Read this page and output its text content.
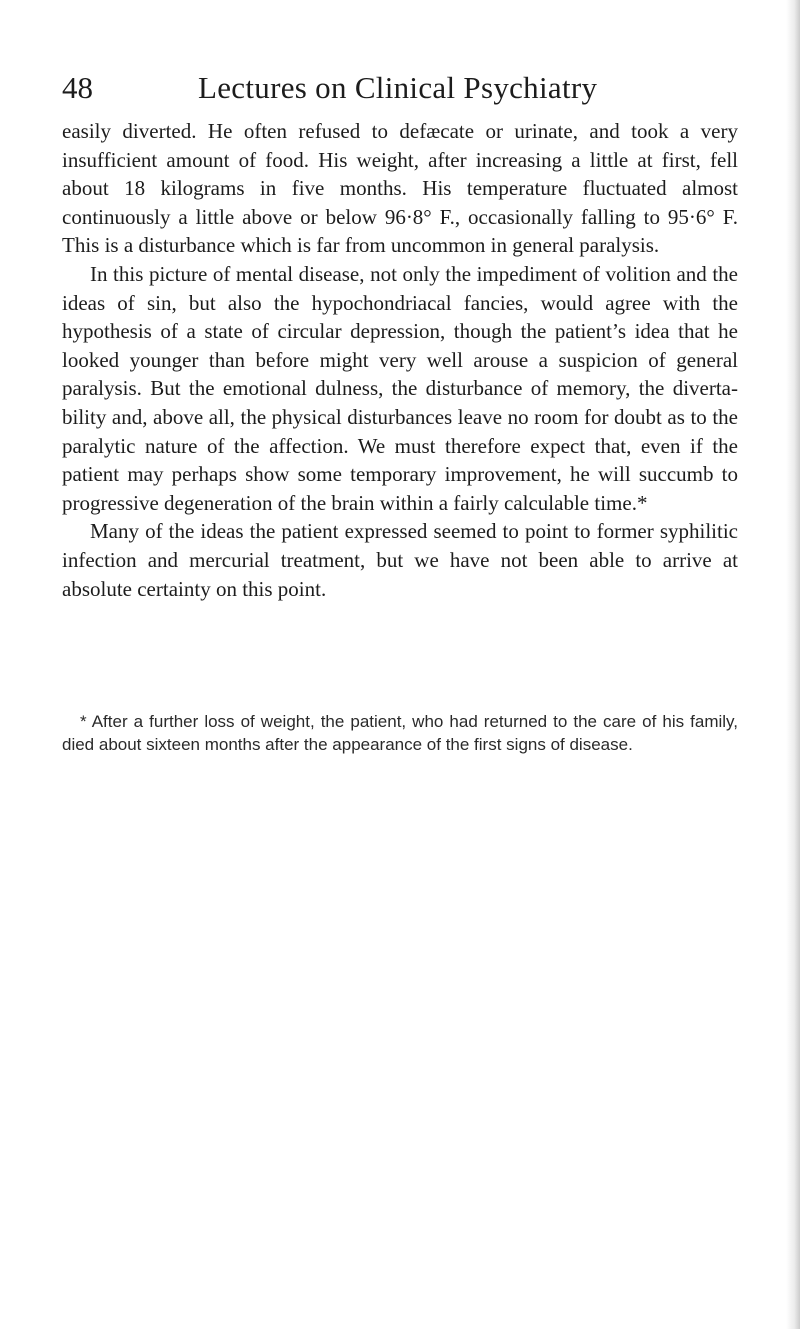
48	Lectures on Clinical Psychiatry

easily diverted. He often refused to defæcate or urinate, and took a very insufficient amount of food. His weight, after increasing a little at first, fell about 18 kilograms in five months. His temperature fluctuated almost continuously a little above or below 96·8° F., occasionally falling to 95·6° F. This is a disturbance which is far from uncommon in general paralysis.

In this picture of mental disease, not only the impediment of volition and the ideas of sin, but also the hypochondriacal fancies, would agree with the hypothesis of a state of circular depression, though the patient’s idea that he looked younger than before might very well arouse a suspicion of general paralysis. But the emotional dulness, the disturbance of memory, the diverta-bility and, above all, the physical disturbances leave no room for doubt as to the paralytic nature of the affection. We must therefore expect that, even if the patient may perhaps show some temporary improvement, he will succumb to progressive degeneration of the brain within a fairly calculable time.*

Many of the ideas the patient expressed seemed to point to former syphilitic infection and mercurial treatment, but we have not been able to arrive at absolute certainty on this point.

* After a further loss of weight, the patient, who had returned to the care of his family, died about sixteen months after the appearance of the first signs of disease.
